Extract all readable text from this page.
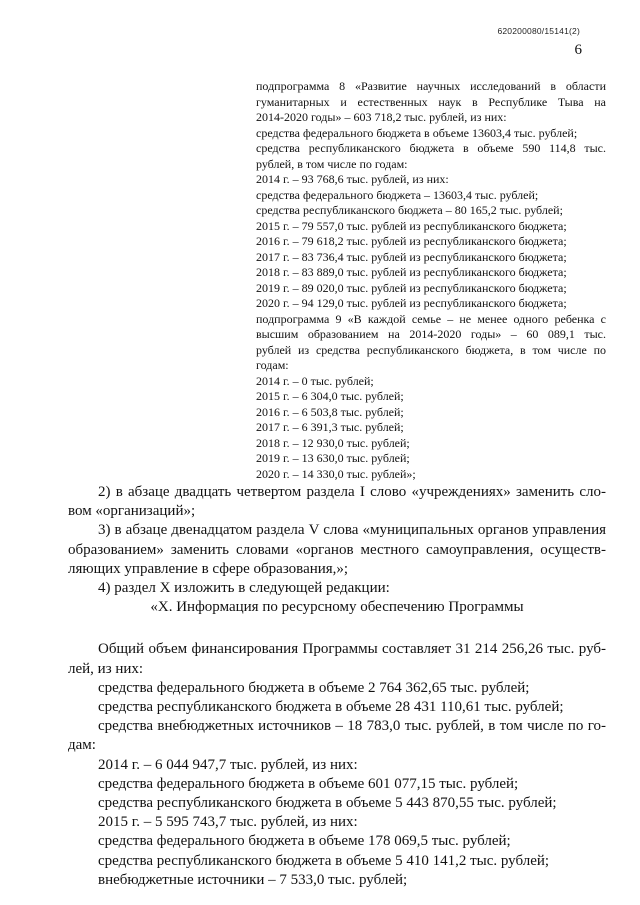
620200080/15141(2)
6
подпрограмма 8 «Развитие научных исследований в области
гуманитарных и естественных наук в Республике Тыва на
2014-2020 годы» – 603 718,2 тыс. рублей, из них:
средства федерального бюджета в объеме 13603,4 тыс. рублей;
средства республиканского бюджета в объеме 590 114,8 тыс.
рублей, в том числе по годам:
2014 г. – 93 768,6 тыс. рублей, из них:
средства федерального бюджета – 13603,4 тыс. рублей;
средства республиканского бюджета – 80 165,2 тыс. рублей;
2015 г. – 79 557,0 тыс. рублей из республиканского бюджета;
2016 г. – 79 618,2 тыс. рублей из республиканского бюджета;
2017 г. – 83 736,4 тыс. рублей из республиканского бюджета;
2018 г. – 83 889,0 тыс. рублей из республиканского бюджета;
2019 г. – 89 020,0 тыс. рублей из республиканского бюджета;
2020 г. – 94 129,0 тыс. рублей из республиканского бюджета;
подпрограмма 9 «В каждой семье – не менее одного ребенка с
высшим образованием на 2014-2020 годы» – 60 089,1 тыс.
рублей из средства республиканского бюджета, в том числе по
годам:
2014 г. – 0 тыс. рублей;
2015 г. – 6 304,0 тыс. рублей;
2016 г. – 6 503,8 тыс. рублей;
2017 г. – 6 391,3 тыс. рублей;
2018 г. – 12 930,0 тыс. рублей;
2019 г. – 13 630,0 тыс. рублей;
2020 г. – 14 330,0 тыс. рублей»;
2) в абзаце двадцать четвертом раздела I слово «учреждениях» заменить сло-
вом «организаций»;
3) в абзаце двенадцатом раздела V слова «муниципальных органов управления
образованием» заменить словами «органов местного самоуправления, осуществ-
ляющих управление в сфере образования,»;
4) раздел X изложить в следующей редакции:
«X. Информация по ресурсному обеспечению Программы
Общий объем финансирования Программы составляет 31 214 256,26 тыс. руб-
лей, из них:
средства федерального бюджета в объеме 2 764 362,65 тыс. рублей;
средства республиканского бюджета в объеме 28 431 110,61 тыс. рублей;
средства внебюджетных источников – 18 783,0 тыс. рублей, в том числе по го-
дам:
2014 г. – 6 044 947,7 тыс. рублей, из них:
средства федерального бюджета в объеме 601 077,15 тыс. рублей;
средства республиканского бюджета в объеме 5 443 870,55 тыс. рублей;
2015 г. – 5 595 743,7 тыс. рублей, из них:
средства федерального бюджета в объеме 178 069,5 тыс. рублей;
средства республиканского бюджета в объеме 5 410 141,2 тыс. рублей;
внебюджетные источники – 7 533,0 тыс. рублей;
